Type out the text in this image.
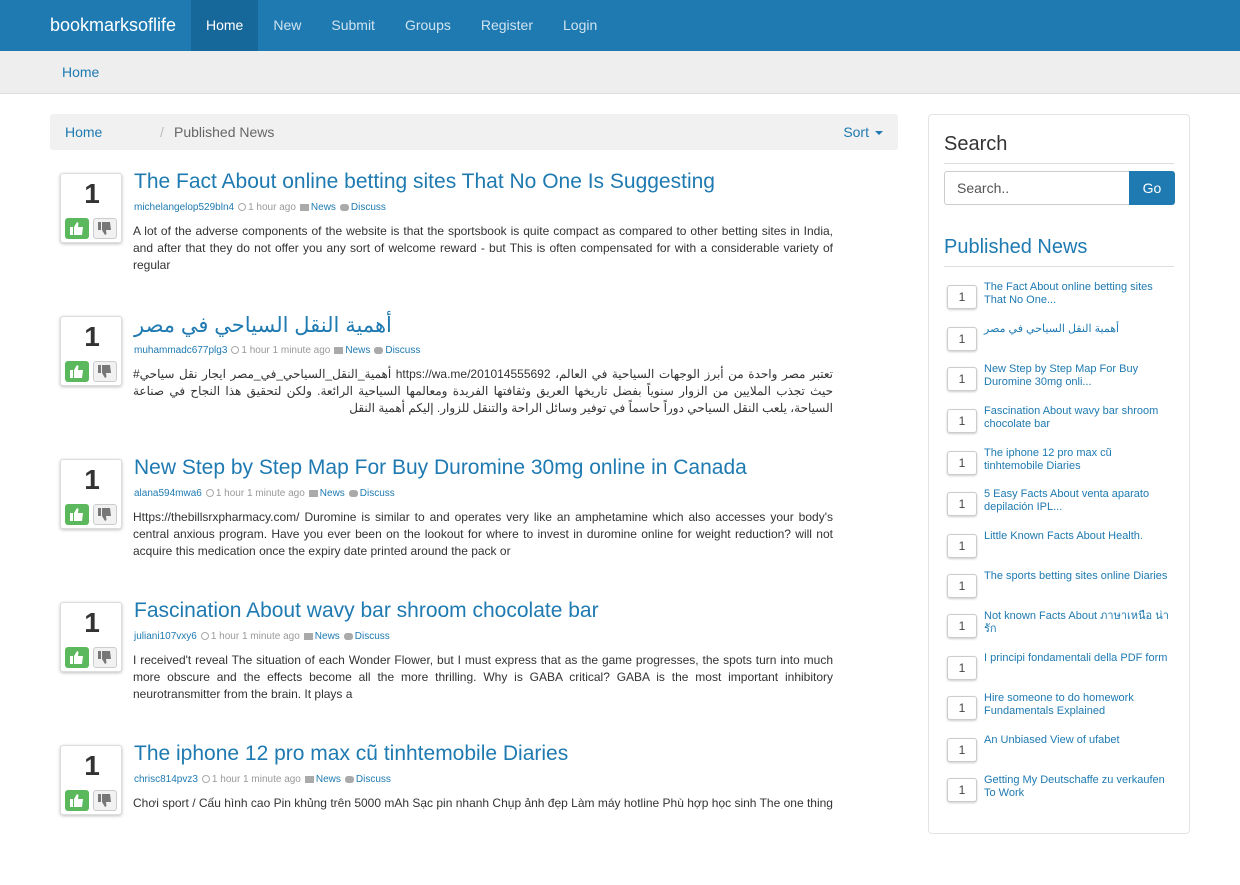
bookmarksoflife	Home	New	Submit	Groups	Register	Login
Home
Home	/ Published News	Sort
1	The Fact About online betting sites That No One Is Suggesting
michelangelop529bln4 1 hour ago News Discuss
A lot of the adverse components of the website is that the sportsbook is quite compact as compared to other betting sites in India, and after that they do not offer you any sort of welcome reward - but This is often compensated for with a considerable variety of regular
1	أهمية النقل السياحي في مصر
muhammadc677plg3 1 hour 1 minute ago News Discuss
تعتبر مصر واحدة من أبرز الوجهات السياحية في العالم، https://wa.me/201014555692 أهمية_النقل_السياحي_في_مصر ايجار نقل سياحي# حيث تجذب الملايين من الزوار سنوياً بفضل تاريخها العريق وثقافتها الفريدة ومعالمها السياحية الرائعة. ولكن لتحقيق هذا النجاح في صناعة السياحة، يلعب النقل السياحي دوراً حاسماً في توفير وسائل الراحة والتنقل للزوار. إليكم أهمية النقل
1	New Step by Step Map For Buy Duromine 30mg online in Canada
alana594mwa6 1 hour 1 minute ago News Discuss
Https://thebillsrxpharmacy.com/ Duromine is similar to and operates very like an amphetamine which also accesses your body's central anxious program. Have you ever been on the lookout for where to invest in duromine online for weight reduction? will not acquire this medication once the expiry date printed around the pack or
1	Fascination About wavy bar shroom chocolate bar
juliani107vxy6 1 hour 1 minute ago News Discuss
I received't reveal The situation of each Wonder Flower, but I must express that as the game progresses, the spots turn into much more obscure and the effects become all the more thrilling. Why is GABA critical? GABA is the most important inhibitory neurotransmitter from the brain. It plays a
1	The iphone 12 pro max cũ tinhtemobile Diaries
chrisc814pvz3 1 hour 1 minute ago News Discuss
Chơi sport / Cấu hình cao Pin khủng trên 5000 mAh Sạc pin nhanh Chụp ảnh đẹp Làm máy hotline Phù hợp học sinh The one thing
Search
Search..	Go
Published News
1
The Fact About online betting sites That No One...
1
أهمية النقل السياحي في مصر
1
New Step by Step Map For Buy Duromine 30mg onli...
1
Fascination About wavy bar shroom chocolate bar
1
The iphone 12 pro max cũ tinhtemobile Diaries
1
5 Easy Facts About venta aparato depilación IPL...
1
Little Known Facts About Health.
1
The sports betting sites online Diaries
1
Not known Facts About ภาษาเหนือ น่ารัก
1
I principi fondamentali della PDF form
1
Hire someone to do homework Fundamentals Explained
1
An Unbiased View of ufabet
1
Getting My Deutschaffe zu verkaufen To Work
